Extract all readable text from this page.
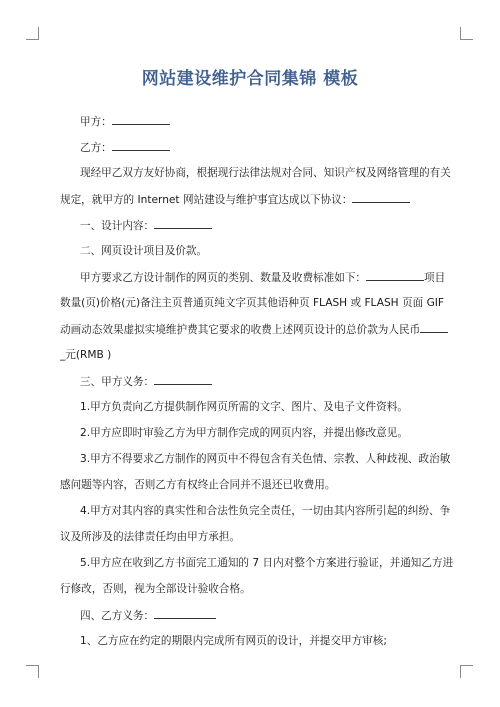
网站建设维护合同集锦 模板
甲方：
乙方：
现经甲乙双方友好协商，根据现行法律法规对合同、知识产权及网络管理的有关
规定，就甲方的 Internet 网站建设与维护事宜达成以下协议：
一、设计内容：
二、网页设计项目及价款。
甲方要求乙方设计制作的网页的类别、数量及收费标准如下：	项目
数量(页)价格(元)备注主页普通页纯文字页其他语种页 FLASH 或 FLASH 页面 GIF
动画动态效果虚拟实境维护费其它要求的收费上述网页设计的总价款为人民币
_元(RMB )
三、甲方义务：
1.甲方负责向乙方提供制作网页所需的文字、图片、及电子文件资料。
2.甲方应即时审验乙方为甲方制作完成的网页内容，并提出修改意见。
3.甲方不得要求乙方制作的网页中不得包含有关色情、宗教、人种歧视、政治敏
感问题等内容，否则乙方有权终止合同并不退还已收费用。
4.甲方对其内容的真实性和合法性负完全责任，一切由其内容所引起的纠纷、争
议及所涉及的法律责任均由甲方承担。
5.甲方应在收到乙方书面完工通知的 7 日内对整个方案进行验证，并通知乙方进
行修改，否则，视为全部设计验收合格。
四、乙方义务：
1、乙方应在约定的期限内完成所有网页的设计，并提交甲方审核;
